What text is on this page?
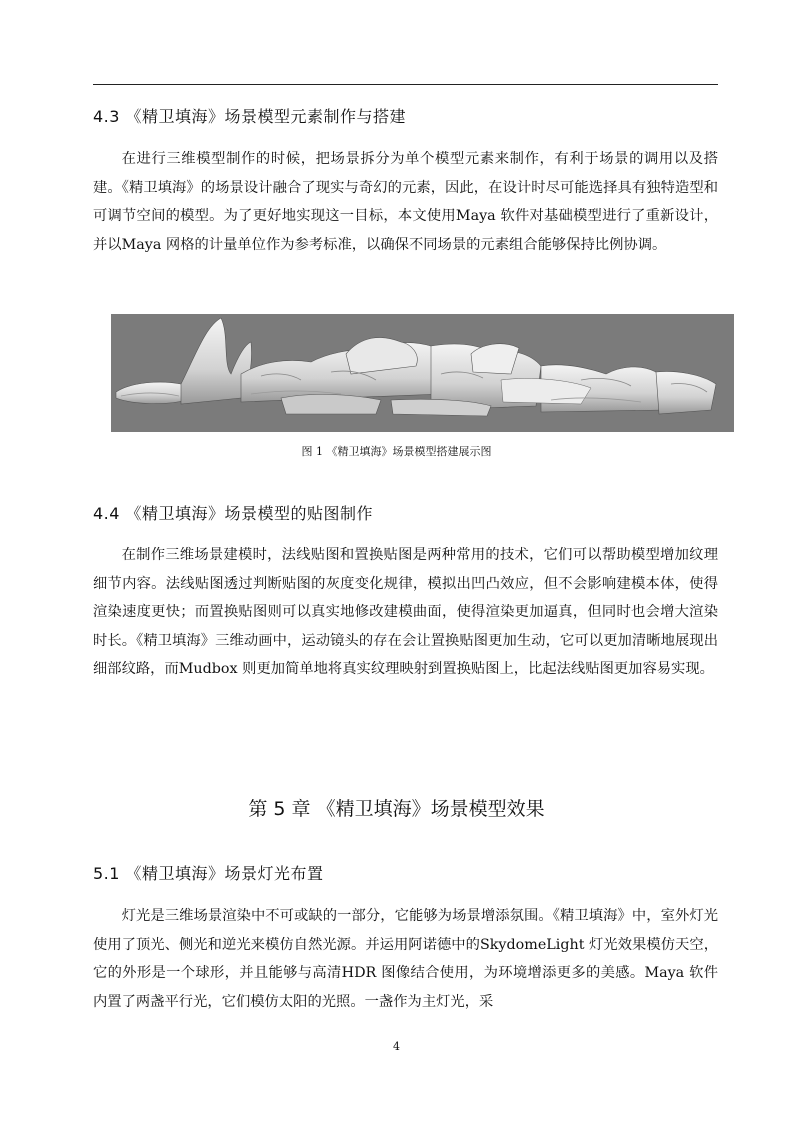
4.3 《精卫填海》场景模型元素制作与搭建

在进行三维模型制作的时候，把场景拆分为单个模型元素来制作，有利于场景的调用以及搭建。《精卫填海》的场景设计融合了现实与奇幻的元素，因此，在设计时尽可能选择具有独特造型和可调节空间的模型。为了更好地实现这一目标，本文使用Maya 软件对基础模型进行了重新设计，并以Maya 网格的计量单位作为参考标准，以确保不同场景的元素组合能够保持比例协调。

图 1 《精卫填海》场景模型搭建展示图

4.4 《精卫填海》场景模型的贴图制作

在制作三维场景建模时，法线贴图和置换贴图是两种常用的技术，它们可以帮助模型增加纹理细节内容。法线贴图透过判断贴图的灰度变化规律，模拟出凹凸效应，但不会影响建模本体，使得渲染速度更快；而置换贴图则可以真实地修改建模曲面，使得渲染更加逼真，但同时也会增大渲染时长。《精卫填海》三维动画中，运动镜头的存在会让置换贴图更加生动，它可以更加清晰地展现出细部纹路，而Mudbox 则更加简单地将真实纹理映射到置换贴图上，比起法线贴图更加容易实现。

第 5 章 《精卫填海》场景模型效果
5.1 《精卫填海》场景灯光布置

灯光是三维场景渲染中不可或缺的一部分，它能够为场景增添氛围。《精卫填海》中，室外灯光使用了顶光、侧光和逆光来模仿自然光源。并运用阿诺德中的SkydomeLight 灯光效果模仿天空，它的外形是一个球形，并且能够与高清HDR 图像结合使用，为环境增添更多的美感。Maya 软件内置了两盏平行光，它们模仿太阳的光照。一盏作为主灯光，采

4
